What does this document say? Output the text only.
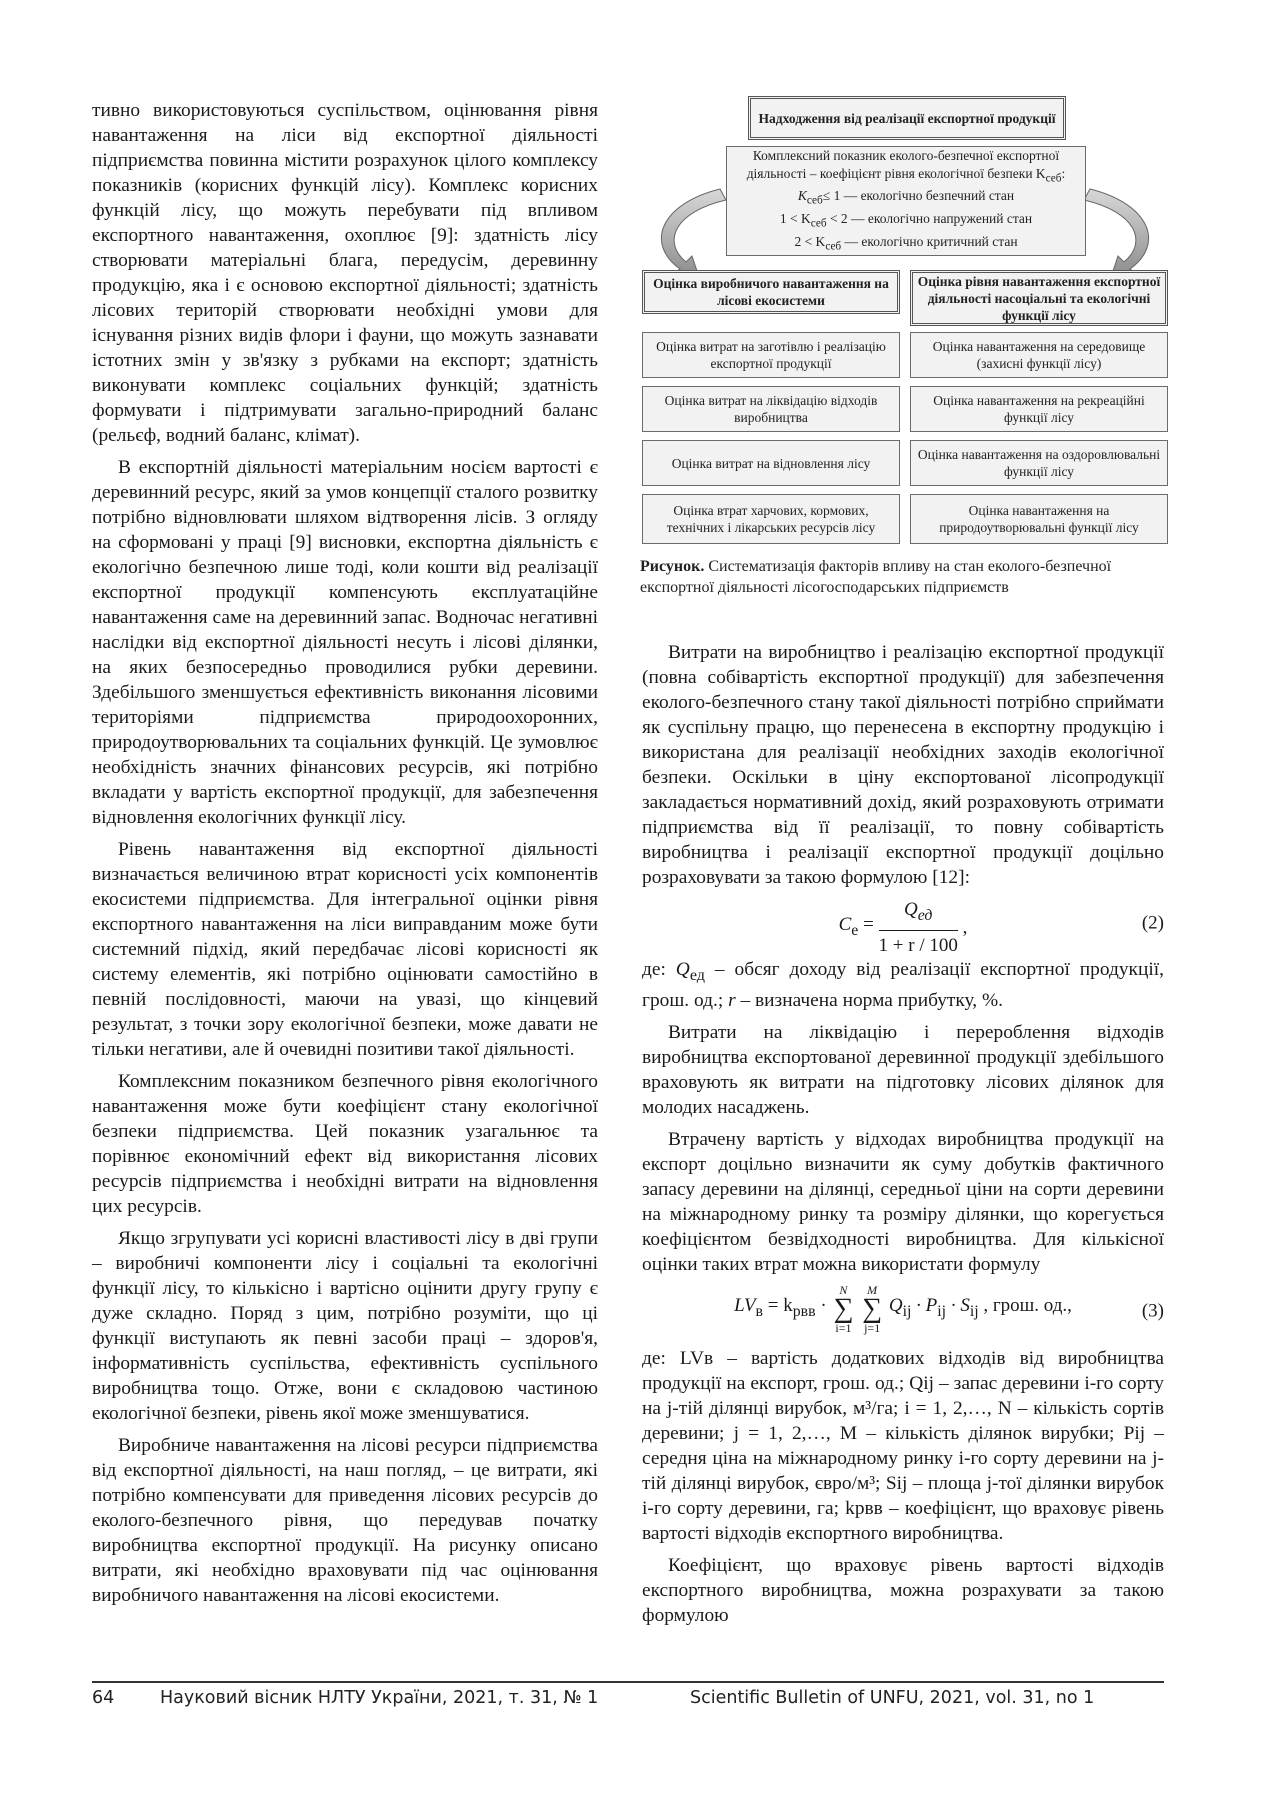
тивно використовуються суспільством, оцінювання рівня навантаження на ліси від експортної діяльності підприємства повинна містити розрахунок цілого комплексу показників (корисних функцій лісу). Комплекс корисних функцій лісу, що можуть перебувати під впливом експортного навантаження, охоплює [9]: здатність лісу створювати матеріальні блага, передусім, деревинну продукцію, яка і є основою експортної діяльності; здатність лісових територій створювати необхідні умови для існування різних видів флори і фауни, що можуть зазнавати істотних змін у зв'язку з рубками на експорт; здатність виконувати комплекс соціальних функцій; здатність формувати і підтримувати загально-природний баланс (рельєф, водний баланс, клімат).

В експортній діяльності матеріальним носієм вартості є деревинний ресурс, який за умов концепції сталого розвитку потрібно відновлювати шляхом відтворення лісів. З огляду на сформовані у праці [9] висновки, експортна діяльність є екологічно безпечною лише тоді, коли кошти від реалізації експортної продукції компенсують експлуатаційне навантаження саме на деревинний запас. Водночас негативні наслідки від експортної діяльності несуть і лісові ділянки, на яких безпосередньо проводилися рубки деревини. Здебільшого зменшується ефективність виконання лісовими територіями підприємства природоохоронних, природоутворювальних та соціальних функцій. Це зумовлює необхідність значних фінансових ресурсів, які потрібно вкладати у вартість експортної продукції, для забезпечення відновлення екологічних функції лісу.

Рівень навантаження від експортної діяльності визначається величиною втрат корисності усіх компонентів екосистеми підприємства. Для інтегральної оцінки рівня експортного навантаження на ліси виправданим може бути системний підхід, який передбачає лісові корисності як систему елементів, які потрібно оцінювати самостійно в певній послідовності, маючи на увазі, що кінцевий результат, з точки зору екологічної безпеки, може давати не тільки негативи, але й очевидні позитиви такої діяльності.

Комплексним показником безпечного рівня екологічного навантаження може бути коефіцієнт стану екологічної безпеки підприємства. Цей показник узагальнює та порівнює економічний ефект від використання лісових ресурсів підприємства і необхідні витрати на відновлення цих ресурсів.

Якщо згрупувати усі корисні властивості лісу в дві групи – виробничі компоненти лісу і соціальні та екологічні функції лісу, то кількісно і вартісно оцінити другу групу є дуже складно. Поряд з цим, потрібно розуміти, що ці функції виступають як певні засоби праці – здоров'я, інформативність суспільства, ефективність суспільного виробництва тощо. Отже, вони є складовою частиною екологічної безпеки, рівень якої може зменшуватися.

Виробниче навантаження на лісові ресурси підприємства від експортної діяльності, на наш погляд, – це витрати, які потрібно компенсувати для приведення лісових ресурсів до еколого-безпечного рівня, що передував початку виробництва експортної продукції. На рисунку описано витрати, які необхідно враховувати під час оцінювання виробничого навантаження на лісові екосистеми.

Надходження від реалізації експортної продукції
Комплексний показник еколого-безпечної експортної діяльності – коефіцієнт рівня екологічної безпеки $K_{себ}$:
$K_{себ}\le 1$ — екологічно безпечний стан
$1 < K_{себ} < 2$ — екологічно напружений стан
$2 < K_{себ}$ — екологічно критичний стан
Оцінка виробничого навантаження на лісові екосистеми
Оцінка рівня навантаження експортної діяльності насоціальні та екологічні функції лісу
Оцінка витрат на заготівлю і реалізацію експортної продукції
Оцінка витрат на ліквідацію відходів виробництва
Оцінка витрат на відновлення лісу
Оцінка втрат харчових, кормових, технічних і лікарських ресурсів лісу
Оцінка навантаження на середовище (захисні функції лісу)
Оцінка навантаження на рекреаційні функції лісу
Оцінка навантаження на оздоровлювальні функції лісу
Оцінка навантаження на природоутворювальні функції лісу
Рисунок. Систематизація факторів впливу на стан еколого-безпечної експортної діяльності лісогосподарських підприємств

Витрати на виробництво і реалізацію експортної продукції (повна собівартість експортної продукції) для забезпечення еколого-безпечного стану такої діяльності потрібно сприймати як суспільну працю, що перенесена в експортну продукцію і використана для реалізації необхідних заходів екологічної безпеки. Оскільки в ціну експортованої лісопродукції закладається нормативний дохід, який розраховують отримати підприємства від її реалізації, то повну собівартість виробництва і реалізації експортної продукції доцільно розраховувати за такою формулою [12]:

$C_e = \frac{Q_{ед}}{1 + r / 100}$ ,	(2)

де: $Q_{ед}$ – обсяг доходу від реалізації експортної продукції, грош. од.; r – визначена норма прибутку, %.

Витрати на ліквідацію і перероблення відходів виробництва експортованої деревинної продукції здебільшого враховують як витрати на підготовку лісових ділянок для молодих насаджень.

Втрачену вартість у відходах виробництва продукції на експорт доцільно визначити як суму добутків фактичного запасу деревини на ділянці, середньої ціни на сорти деревини на міжнародному ринку та розміру ділянки, що корегується коефіцієнтом безвідходності виробництва. Для кількісної оцінки таких втрат можна використати формулу

$LV_в = k_{рвв} \cdot N$
∑
i=1 M
∑
j=1 $Q_{ij} \cdot P_{ij} \cdot S_{ij}$ , грош. од.,	(3)

де: LVв – вартість додаткових відходів від виробництва продукції на експорт, грош. од.; Qij – запас деревини i-го сорту на j-тій ділянці вирубок, м³/га; i = 1, 2,…, N – кількість сортів деревини; j = 1, 2,…, M – кількість ділянок вирубки; Pij – середня ціна на міжнародному ринку i-го сорту деревини на j-тій ділянці вирубок, євро/м³; Sij – площа j-тої ділянки вирубок i-го сорту деревини, га; kрвв – коефіцієнт, що враховує рівень вартості відходів експортного виробництва.

Коефіцієнт, що враховує рівень вартості відходів експортного виробництва, можна розрахувати за такою формулою

64	Науковий вісник НЛТУ України, 2021, т. 31, № 1	Scientific Bulletin of UNFU, 2021, vol. 31, no 1
